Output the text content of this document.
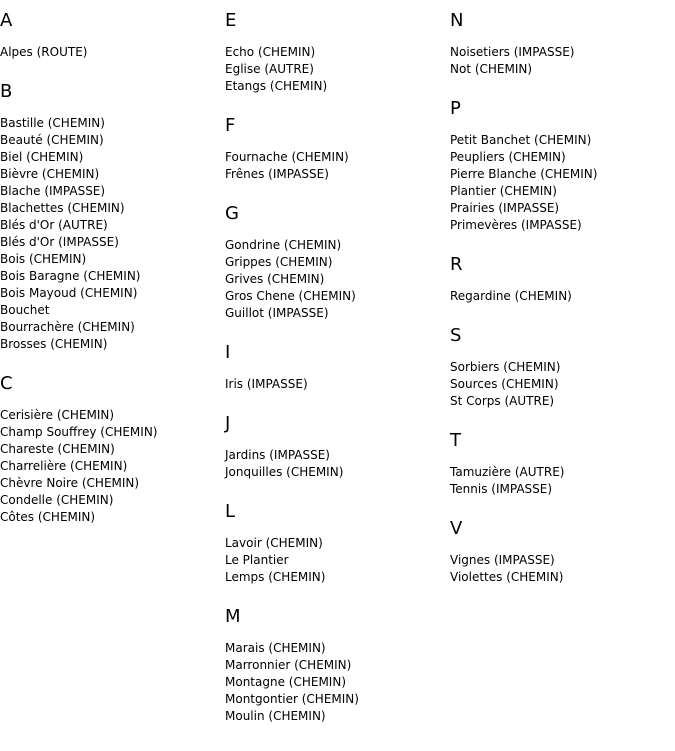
A
Alpes (ROUTE)
B
Bastille (CHEMIN)
Beauté (CHEMIN)
Biel (CHEMIN)
Bièvre (CHEMIN)
Blache (IMPASSE)
Blachettes (CHEMIN)
Blés d'Or (AUTRE)
Blés d'Or (IMPASSE)
Bois (CHEMIN)
Bois Baragne (CHEMIN)
Bois Mayoud (CHEMIN)
Bouchet
Bourrachère (CHEMIN)
Brosses (CHEMIN)
C
Cerisière (CHEMIN)
Champ Souffrey (CHEMIN)
Chareste (CHEMIN)
Charrelière (CHEMIN)
Chèvre Noire (CHEMIN)
Condelle (CHEMIN)
Côtes (CHEMIN)
E
Echo (CHEMIN)
Eglise (AUTRE)
Etangs (CHEMIN)
F
Fournache (CHEMIN)
Frênes (IMPASSE)
G
Gondrine (CHEMIN)
Grippes (CHEMIN)
Grives (CHEMIN)
Gros Chene (CHEMIN)
Guillot (IMPASSE)
I
Iris (IMPASSE)
J
Jardins (IMPASSE)
Jonquilles (CHEMIN)
L
Lavoir (CHEMIN)
Le Plantier
Lemps (CHEMIN)
M
Marais (CHEMIN)
Marronnier (CHEMIN)
Montagne (CHEMIN)
Montgontier (CHEMIN)
Moulin (CHEMIN)
N
Noisetiers (IMPASSE)
Not (CHEMIN)
P
Petit Banchet (CHEMIN)
Peupliers (CHEMIN)
Pierre Blanche (CHEMIN)
Plantier (CHEMIN)
Prairies (IMPASSE)
Primevères (IMPASSE)
R
Regardine (CHEMIN)
S
Sorbiers (CHEMIN)
Sources (CHEMIN)
St Corps (AUTRE)
T
Tamuzière (AUTRE)
Tennis (IMPASSE)
V
Vignes (IMPASSE)
Violettes (CHEMIN)
